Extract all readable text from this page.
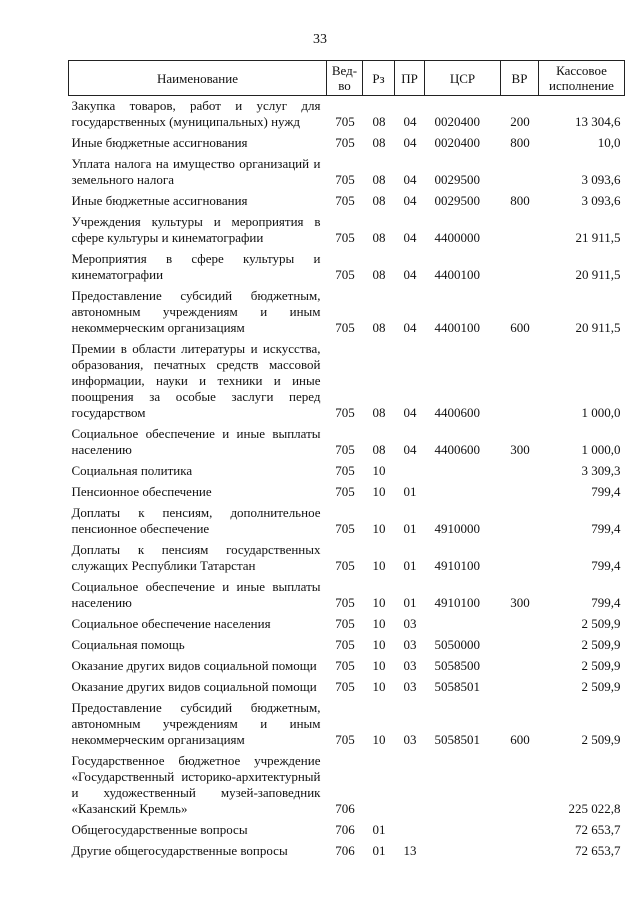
33
Наименование	Вед-во	Рз	ПР	ЦСР	ВР	Кассовое исполнение
Закупка товаров, работ и услуг для государственных (муниципальных) нужд	705	08	04	0020400	200	13 304,6
Иные бюджетные ассигнования	705	08	04	0020400	800	10,0
Уплата налога на имущество организаций и земельного налога	705	08	04	0029500		3 093,6
Иные бюджетные ассигнования	705	08	04	0029500	800	3 093,6
Учреждения культуры и мероприятия в сфере культуры и кинематографии	705	08	04	4400000		21 911,5
Мероприятия в сфере культуры и кинематографии	705	08	04	4400100		20 911,5
Предоставление субсидий бюджетным, автономным учреждениям и иным некоммерческим организациям	705	08	04	4400100	600	20 911,5
Премии в области литературы и искусства, образования, печатных средств массовой информации, науки и техники и иные поощрения за особые заслуги перед государством	705	08	04	4400600		1 000,0
Социальное обеспечение и иные выплаты населению	705	08	04	4400600	300	1 000,0
Социальная политика	705	10				3 309,3
Пенсионное обеспечение	705	10	01			799,4
Доплаты к пенсиям, дополнительное пенсионное обеспечение	705	10	01	4910000		799,4
Доплаты к пенсиям государственных служащих Республики Татарстан	705	10	01	4910100		799,4
Социальное обеспечение и иные выплаты населению	705	10	01	4910100	300	799,4
Социальное обеспечение населения	705	10	03			2 509,9
Социальная помощь	705	10	03	5050000		2 509,9
Оказание других видов социальной помощи	705	10	03	5058500		2 509,9
Оказание других видов социальной помощи	705	10	03	5058501		2 509,9
Предоставление субсидий бюджетным, автономным учреждениям и иным некоммерческим организациям	705	10	03	5058501	600	2 509,9
Государственное бюджетное учреждение «Государственный историко-архитектурный и художественный музей-заповедник «Казанский Кремль»	706					225 022,8
Общегосударственные вопросы	706	01				72 653,7
Другие общегосударственные вопросы	706	01	13			72 653,7
